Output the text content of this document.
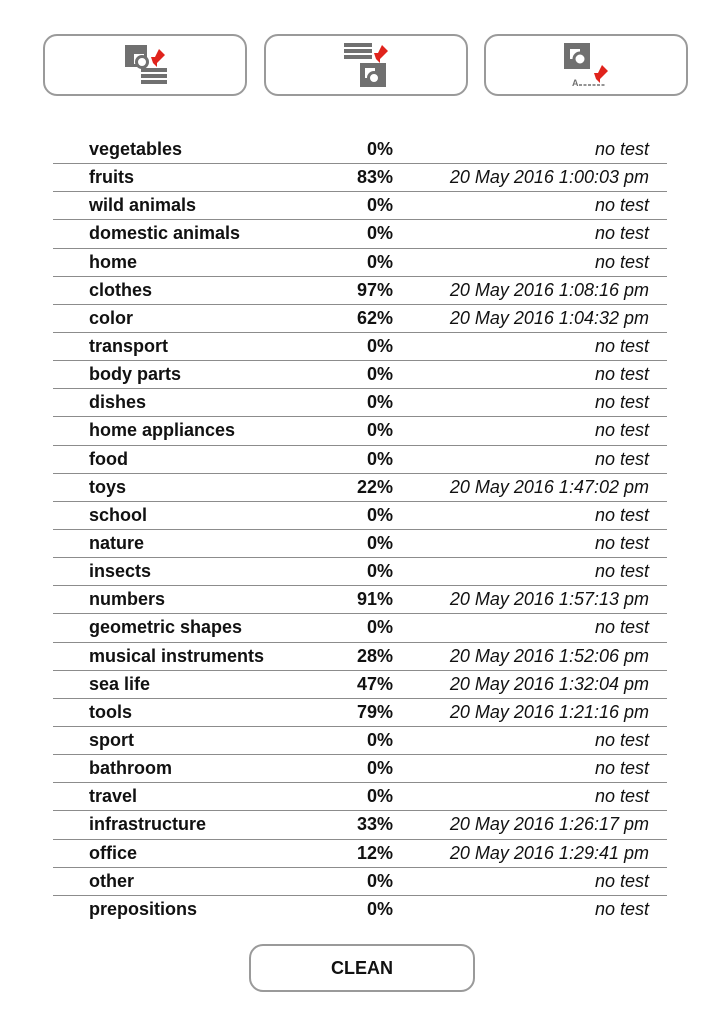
A
vegetables	0%	no test
fruits	83%	20 May 2016 1:00:03 pm
wild animals	0%	no test
domestic animals	0%	no test
home	0%	no test
clothes	97%	20 May 2016 1:08:16 pm
color	62%	20 May 2016 1:04:32 pm
transport	0%	no test
body parts	0%	no test
dishes	0%	no test
home appliances	0%	no test
food	0%	no test
toys	22%	20 May 2016 1:47:02 pm
school	0%	no test
nature	0%	no test
insects	0%	no test
numbers	91%	20 May 2016 1:57:13 pm
geometric shapes	0%	no test
musical instruments	28%	20 May 2016 1:52:06 pm
sea life	47%	20 May 2016 1:32:04 pm
tools	79%	20 May 2016 1:21:16 pm
sport	0%	no test
bathroom	0%	no test
travel	0%	no test
infrastructure	33%	20 May 2016 1:26:17 pm
office	12%	20 May 2016 1:29:41 pm
other	0%	no test
prepositions	0%	no test
CLEAN
